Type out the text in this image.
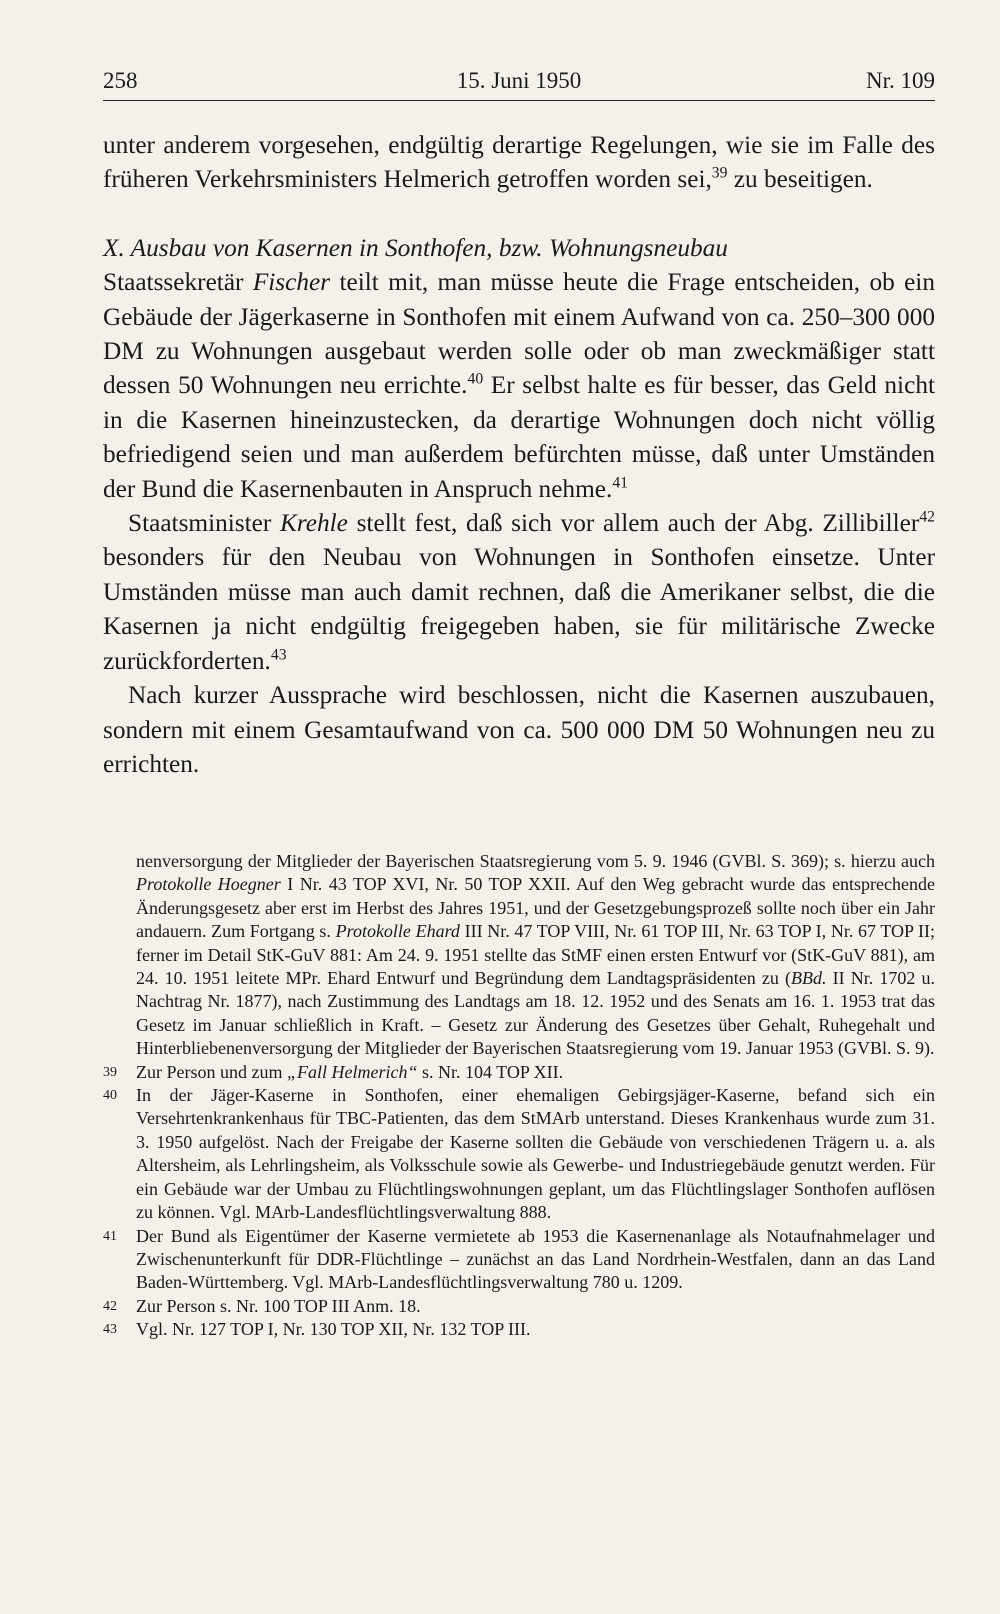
258	15. Juni 1950	Nr. 109

unter anderem vorgesehen, endgültig derartige Regelungen, wie sie im Falle des früheren Verkehrsministers Helmerich getroffen worden sei,$^{39}$ zu beseitigen.

X. Ausbau von Kasernen in Sonthofen, bzw. Wohnungsneubau

Staatssekretär Fischer teilt mit, man müsse heute die Frage entscheiden, ob ein Gebäude der Jägerkaserne in Sonthofen mit einem Aufwand von ca. 250–300 000 DM zu Wohnungen ausgebaut werden solle oder ob man zweckmäßiger statt dessen 50 Wohnungen neu errichte.$^{40}$ Er selbst halte es für besser, das Geld nicht in die Kasernen hineinzustecken, da derartige Wohnungen doch nicht völlig befriedigend seien und man außerdem befürchten müsse, daß unter Umständen der Bund die Kasernenbauten in Anspruch nehme.$^{41}$

Staatsminister Krehle stellt fest, daß sich vor allem auch der Abg. Zillibiller$^{42}$ besonders für den Neubau von Wohnungen in Sonthofen einsetze. Unter Umständen müsse man auch damit rechnen, daß die Amerikaner selbst, die die Kasernen ja nicht endgültig freigegeben haben, sie für militärische Zwecke zurückforderten.$^{43}$

Nach kurzer Aussprache wird beschlossen, nicht die Kasernen auszubauen, sondern mit einem Gesamtaufwand von ca. 500 000 DM 50 Wohnungen neu zu errichten.

nenversorgung der Mitglieder der Bayerischen Staatsregierung vom 5. 9. 1946 (GVBl. S. 369); s. hierzu auch Protokolle Hoegner I Nr. 43 TOP XVI, Nr. 50 TOP XXII. Auf den Weg gebracht wurde das entsprechende Änderungsgesetz aber erst im Herbst des Jahres 1951, und der Gesetzgebungsprozeß sollte noch über ein Jahr andauern. Zum Fortgang s. Protokolle Ehard III Nr. 47 TOP VIII, Nr. 61 TOP III, Nr. 63 TOP I, Nr. 67 TOP II; ferner im Detail StK-GuV 881: Am 24. 9. 1951 stellte das StMF einen ersten Entwurf vor (StK-GuV 881), am 24. 10. 1951 leitete MPr. Ehard Entwurf und Begründung dem Landtagspräsidenten zu (BBd. II Nr. 1702 u. Nachtrag Nr. 1877), nach Zustimmung des Landtags am 18. 12. 1952 und des Senats am 16. 1. 1953 trat das Gesetz im Januar schließlich in Kraft. – Gesetz zur Änderung des Gesetzes über Gehalt, Ruhegehalt und Hinterbliebenenversorgung der Mitglieder der Bayerischen Staatsregierung vom 19. Januar 1953 (GVBl. S. 9).

39 Zur Person und zum „Fall Helmerich“ s. Nr. 104 TOP XII.

40 In der Jäger-Kaserne in Sonthofen, einer ehemaligen Gebirgsjäger-Kaserne, befand sich ein Versehrtenkrankenhaus für TBC-Patienten, das dem StMArb unterstand. Dieses Krankenhaus wurde zum 31. 3. 1950 aufgelöst. Nach der Freigabe der Kaserne sollten die Gebäude von verschiedenen Trägern u. a. als Altersheim, als Lehrlingsheim, als Volksschule sowie als Gewerbe- und Industriegebäude genutzt werden. Für ein Gebäude war der Umbau zu Flüchtlingswohnungen geplant, um das Flüchtlingslager Sonthofen auflösen zu können. Vgl. MArb-Landesflüchtlingsverwaltung 888.

41 Der Bund als Eigentümer der Kaserne vermietete ab 1953 die Kasernenanlage als Notaufnahmelager und Zwischenunterkunft für DDR-Flüchtlinge – zunächst an das Land Nordrhein-Westfalen, dann an das Land Baden-Württemberg. Vgl. MArb-Landesflüchtlingsverwaltung 780 u. 1209.

42 Zur Person s. Nr. 100 TOP III Anm. 18.

43 Vgl. Nr. 127 TOP I, Nr. 130 TOP XII, Nr. 132 TOP III.
